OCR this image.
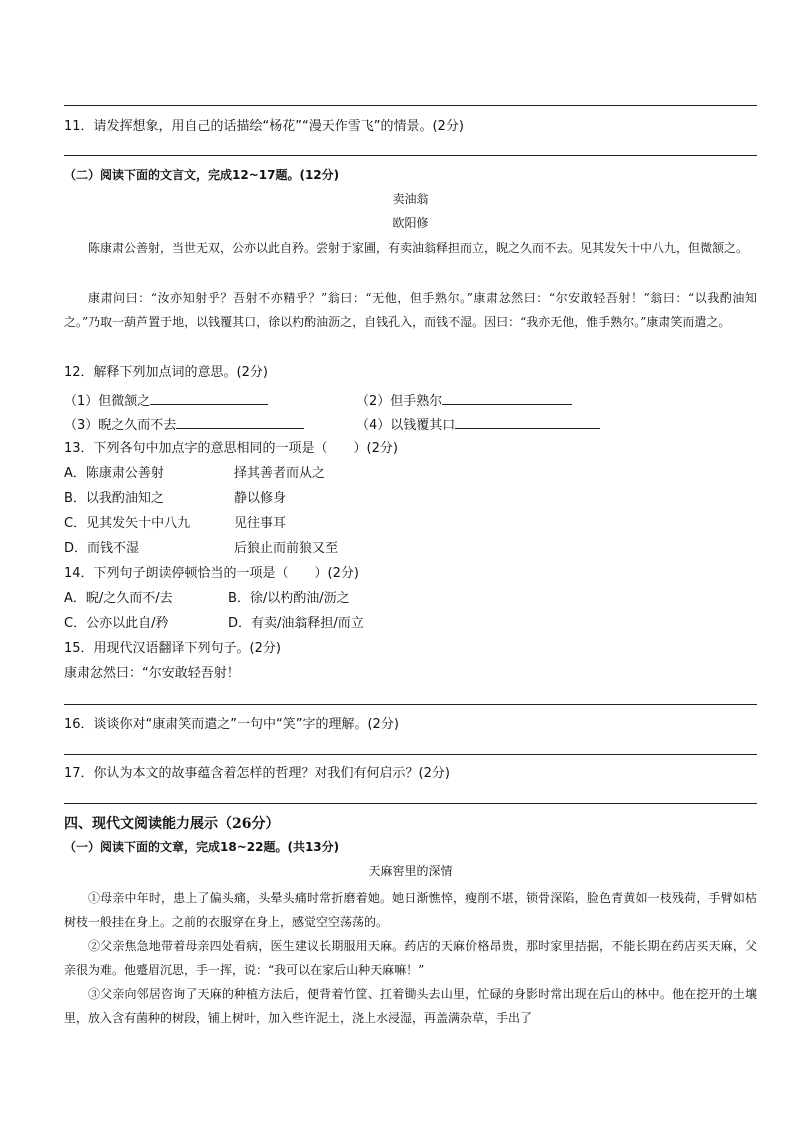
11．请发挥想象，用自己的话描绘“杨花”“漫天作雪飞”的情景。(2分)
（二）阅读下面的文言文，完成12~17题。(12分)
卖油翁
欧阳修
陈康肃公善射，当世无双，公亦以此自矜。尝射于家圃，有卖油翁释担而立，睨之久而不去。见其发矢十中八九，但微颔之。
康肃问曰：“汝亦知射乎？吾射不亦精乎？”翁曰：“无他，但手熟尔。”康肃忿然曰：“尔安敢轻吾射！”翁曰：“以我酌油知之。”乃取一葫芦置于地，以钱覆其口，徐以杓酌油沥之，自钱孔入，而钱不湿。因曰：“我亦无他，惟手熟尔。”康肃笑而遣之。
12．解释下列加点词的意思。(2分)
（1）但微颔之	（2）但手熟尔
（3）睨之久而不去	（4）以钱覆其口
13．下列各句中加点字的意思相同的一项是（　　）(2分)
A．陈康肃公善射	择其善者而从之
B．以我酌油知之	静以修身
C．见其发矢十中八九	见往事耳
D．而钱不湿	后狼止而前狼又至
14．下列句子朗读停顿恰当的一项是（　　）(2分)
A．睨/之久而不/去	B．徐/以杓酌油/沥之
C．公亦以此自/矜	D．有卖/油翁释担/而立
15．用现代汉语翻译下列句子。(2分)
康肃忿然曰：“尔安敢轻吾射！
16．谈谈你对“康肃笑而遣之”一句中“笑”字的理解。(2分)
17．你认为本文的故事蕴含着怎样的哲理？对我们有何启示？(2分)
四、现代文阅读能力展示（26分）
（一）阅读下面的文章，完成18~22题。(共13分)
天麻窖里的深情
①母亲中年时，患上了偏头痛，头晕头痛时常折磨着她。她日渐憔悴，瘦削不堪，锁骨深陷，脸色青黄如一枝残荷，手臂如枯树枝一般挂在身上。之前的衣服穿在身上，感觉空空荡荡的。
②父亲焦急地带着母亲四处看病，医生建议长期服用天麻。药店的天麻价格昂贵，那时家里拮据，不能长期在药店买天麻，父亲很为难。他蹙眉沉思，手一挥，说：“我可以在家后山种天麻嘛！”
③父亲向邻居咨询了天麻的种植方法后，便背着竹筐、扛着锄头去山里，忙碌的身影时常出现在后山的林中。他在挖开的土壤里，放入含有菌种的树段，铺上树叶，加入些许泥土，浇上水浸湿，再盖满杂草，手出了
